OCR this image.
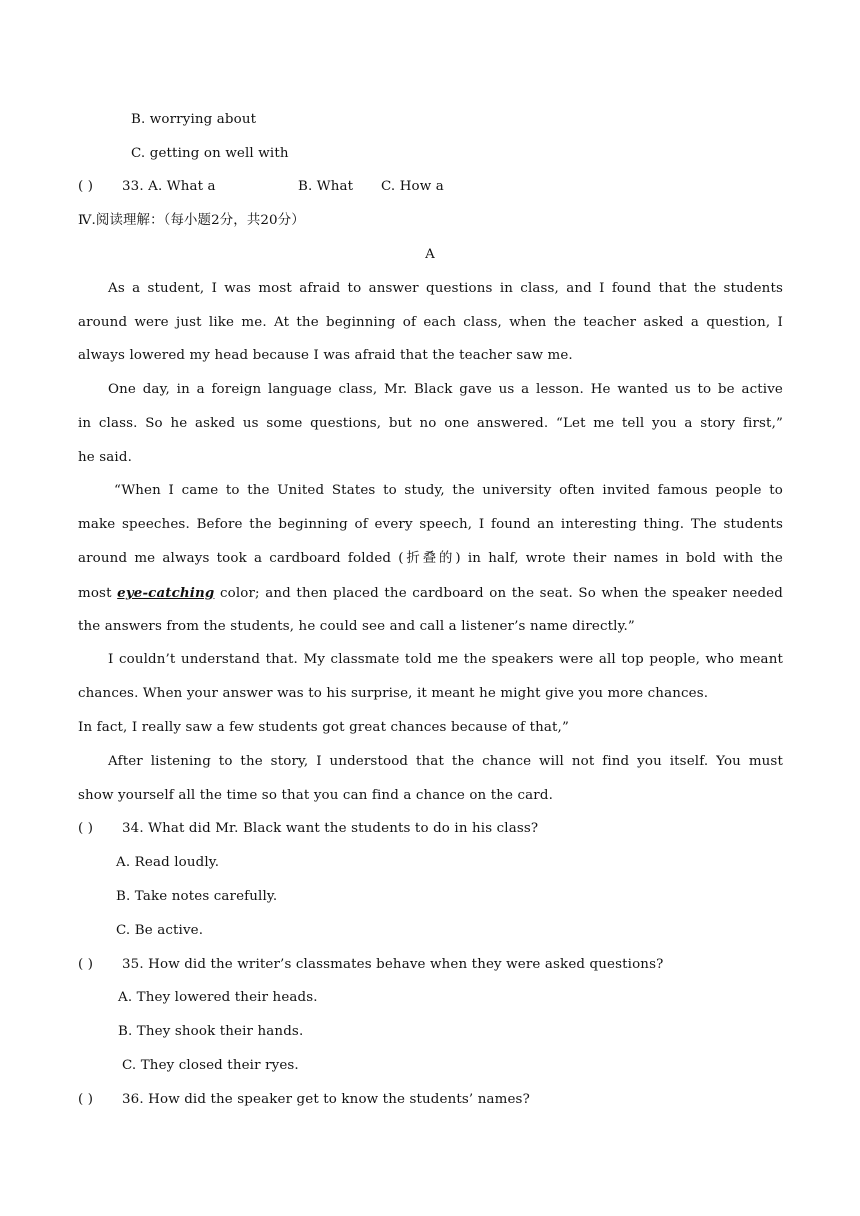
B. worrying about
C. getting on well with
( ) 33. A. What a	B. What C. How a
Ⅳ.阅读理解：（每小题2分，共20分）
A
As a student, I was most afraid to answer questions in class, and I found that the students
around were just like me. At the beginning of each class, when the teacher asked a question, I
always lowered my head because I was afraid that the teacher saw me.
One day, in a foreign language class, Mr. Black gave us a lesson. He wanted us to be active
in class. So he asked us some questions, but no one answered. “Let me tell you a story first,”
he said.
“When I came to the United States to study, the university often invited famous people to
make speeches. Before the beginning of every speech, I found an interesting thing. The students
around me always took a cardboard folded (折叠的) in half, wrote their names in bold with the
most eye-catching color; and then placed the cardboard on the seat. So when the speaker needed
the answers from the students, he could see and call a listener’s name directly.”
I couldn’t understand that. My classmate told me the speakers were all top people, who meant
chances. When your answer was to his surprise, it meant he might give you more chances.
In fact, I really saw a few students got great chances because of that,”
After listening to the story, I understood that the chance will not find you itself. You must
show yourself all the time so that you can find a chance on the card.
( ) 34. What did Mr. Black want the students to do in his class?
A. Read loudly.
B. Take notes carefully.
C. Be active.
( ) 35. How did the writer’s classmates behave when they were asked questions?
A. They lowered their heads.
B. They shook their hands.
C. They closed their ryes.
( ) 36. How did the speaker get to know the students’ names?
